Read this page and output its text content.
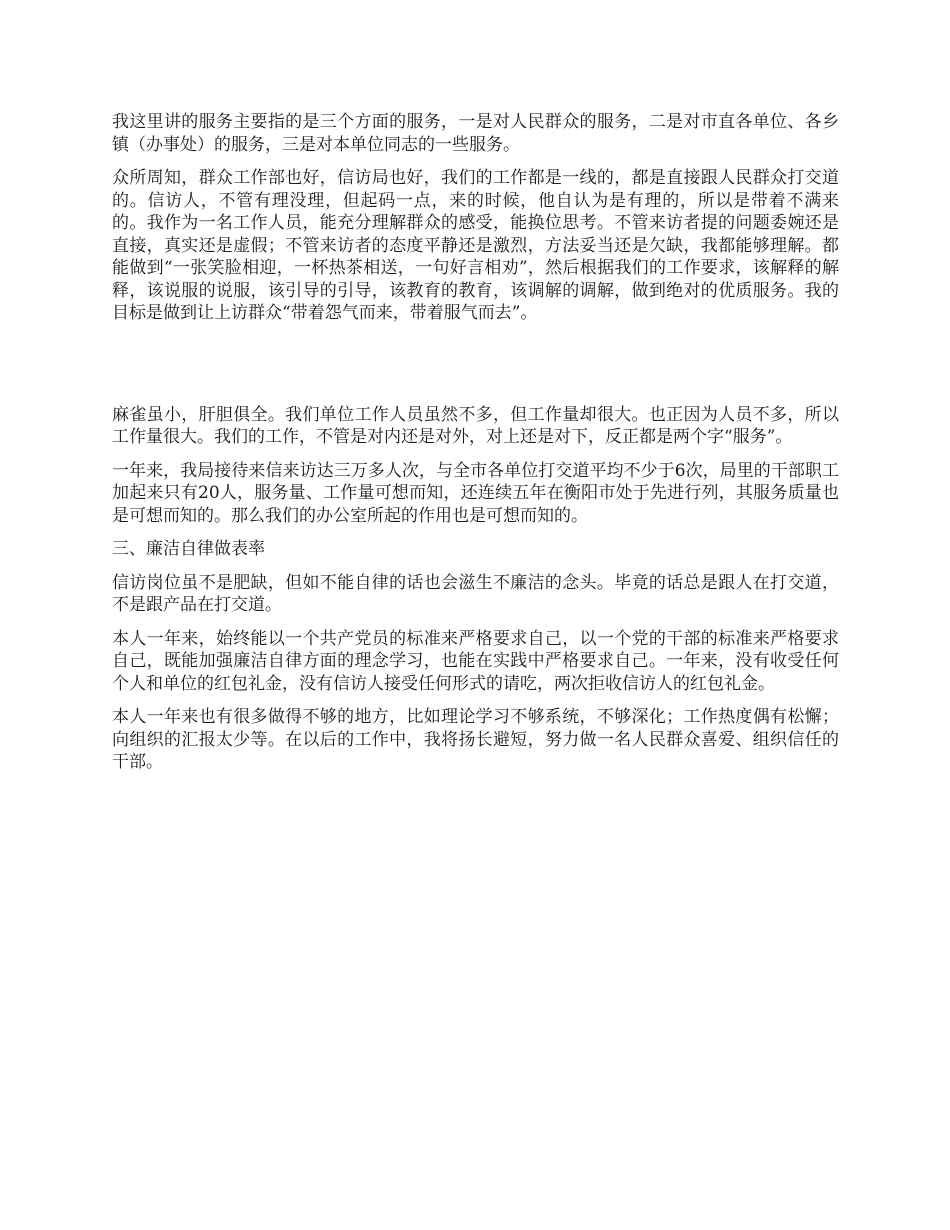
我这里讲的服务主要指的是三个方面的服务，一是对人民群众的服务，二是对市直各单位、各乡镇（办事处）的服务，三是对本单位同志的一些服务。

众所周知，群众工作部也好，信访局也好，我们的工作都是一线的，都是直接跟人民群众打交道的。信访人，不管有理没理，但起码一点，来的时候，他自认为是有理的，所以是带着不满来的。我作为一名工作人员，能充分理解群众的感受，能换位思考。不管来访者提的问题委婉还是直接，真实还是虚假；不管来访者的态度平静还是激烈，方法妥当还是欠缺，我都能够理解。都能做到“一张笑脸相迎，一杯热茶相送，一句好言相劝”，然后根据我们的工作要求，该解释的解释，该说服的说服，该引导的引导，该教育的教育，该调解的调解，做到绝对的优质服务。我的目标是做到让上访群众“带着怨气而来，带着服气而去”。

麻雀虽小，肝胆俱全。我们单位工作人员虽然不多，但工作量却很大。也正因为人员不多，所以工作量很大。我们的工作，不管是对内还是对外，对上还是对下，反正都是两个字“服务”。

一年来，我局接待来信来访达三万多人次，与全市各单位打交道平均不少于6次，局里的干部职工加起来只有20人，服务量、工作量可想而知，还连续五年在衡阳市处于先进行列，其服务质量也是可想而知的。那么我们的办公室所起的作用也是可想而知的。

三、廉洁自律做表率

信访岗位虽不是肥缺，但如不能自律的话也会滋生不廉洁的念头。毕竟的话总是跟人在打交道，不是跟产品在打交道。

本人一年来，始终能以一个共产党员的标准来严格要求自己，以一个党的干部的标准来严格要求自己，既能加强廉洁自律方面的理念学习，也能在实践中严格要求自己。一年来，没有收受任何个人和单位的红包礼金，没有信访人接受任何形式的请吃，两次拒收信访人的红包礼金。

本人一年来也有很多做得不够的地方，比如理论学习不够系统，不够深化；工作热度偶有松懈；向组织的汇报太少等。在以后的工作中，我将扬长避短，努力做一名人民群众喜爱、组织信任的干部。
